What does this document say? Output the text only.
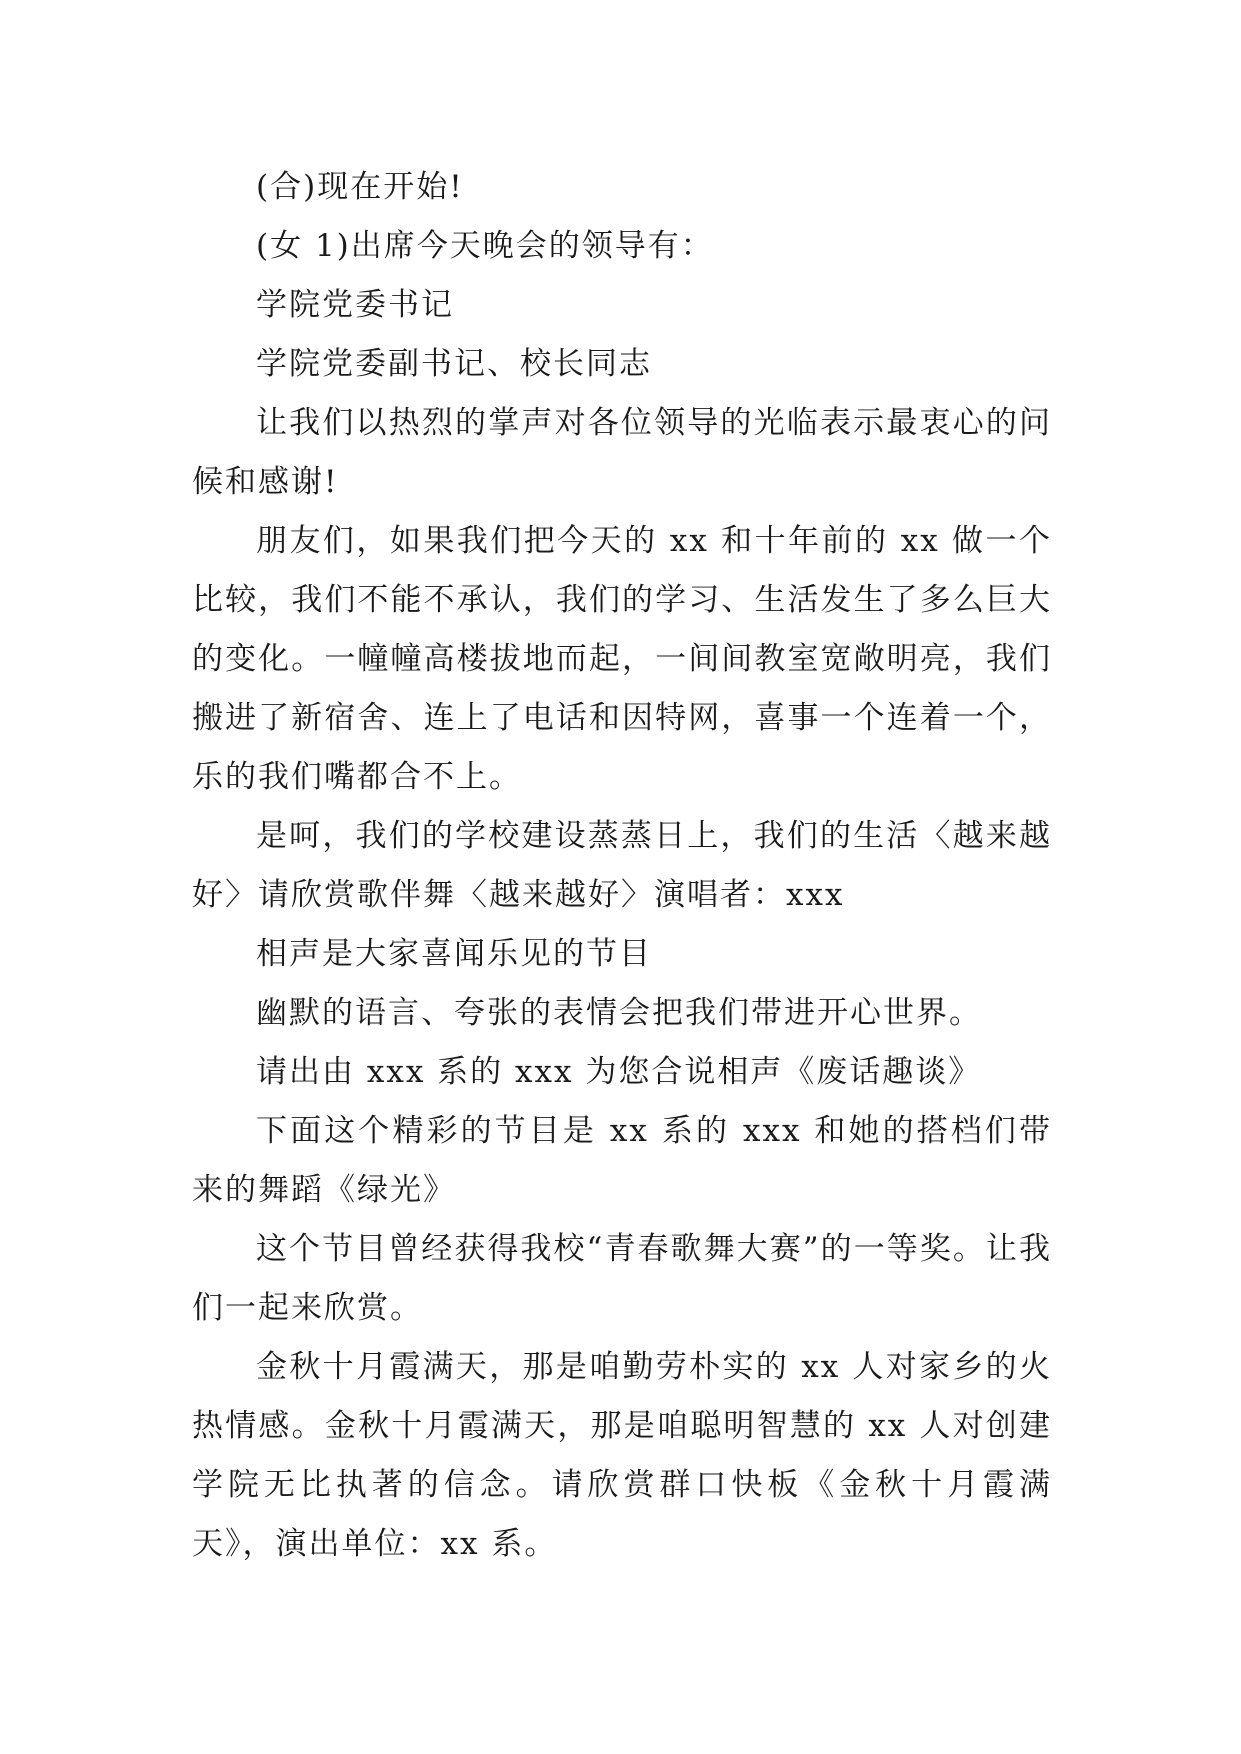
(合)现在开始!

(女 1)出席今天晚会的领导有：

学院党委书记

学院党委副书记、校长同志

让我们以热烈的掌声对各位领导的光临表示最衷心的问候和感谢!

朋友们，如果我们把今天的 xx 和十年前的 xx 做一个比较，我们不能不承认，我们的学习、生活发生了多么巨大的变化。一幢幢高楼拔地而起，一间间教室宽敞明亮，我们搬进了新宿舍、连上了电话和因特网，喜事一个连着一个，乐的我们嘴都合不上。

是呵，我们的学校建设蒸蒸日上，我们的生活〈越来越好〉请欣赏歌伴舞〈越来越好〉演唱者：xxx

相声是大家喜闻乐见的节目

幽默的语言、夸张的表情会把我们带进开心世界。

请出由 xxx 系的 xxx 为您合说相声《废话趣谈》

下面这个精彩的节目是 xx 系的 xxx 和她的搭档们带来的舞蹈《绿光》

这个节目曾经获得我校“青春歌舞大赛”的一等奖。让我们一起来欣赏。

金秋十月霞满天，那是咱勤劳朴实的 xx 人对家乡的火热情感。金秋十月霞满天，那是咱聪明智慧的 xx 人对创建学院无比执著的信念。请欣赏群口快板《金秋十月霞满天》，演出单位：xx 系。
